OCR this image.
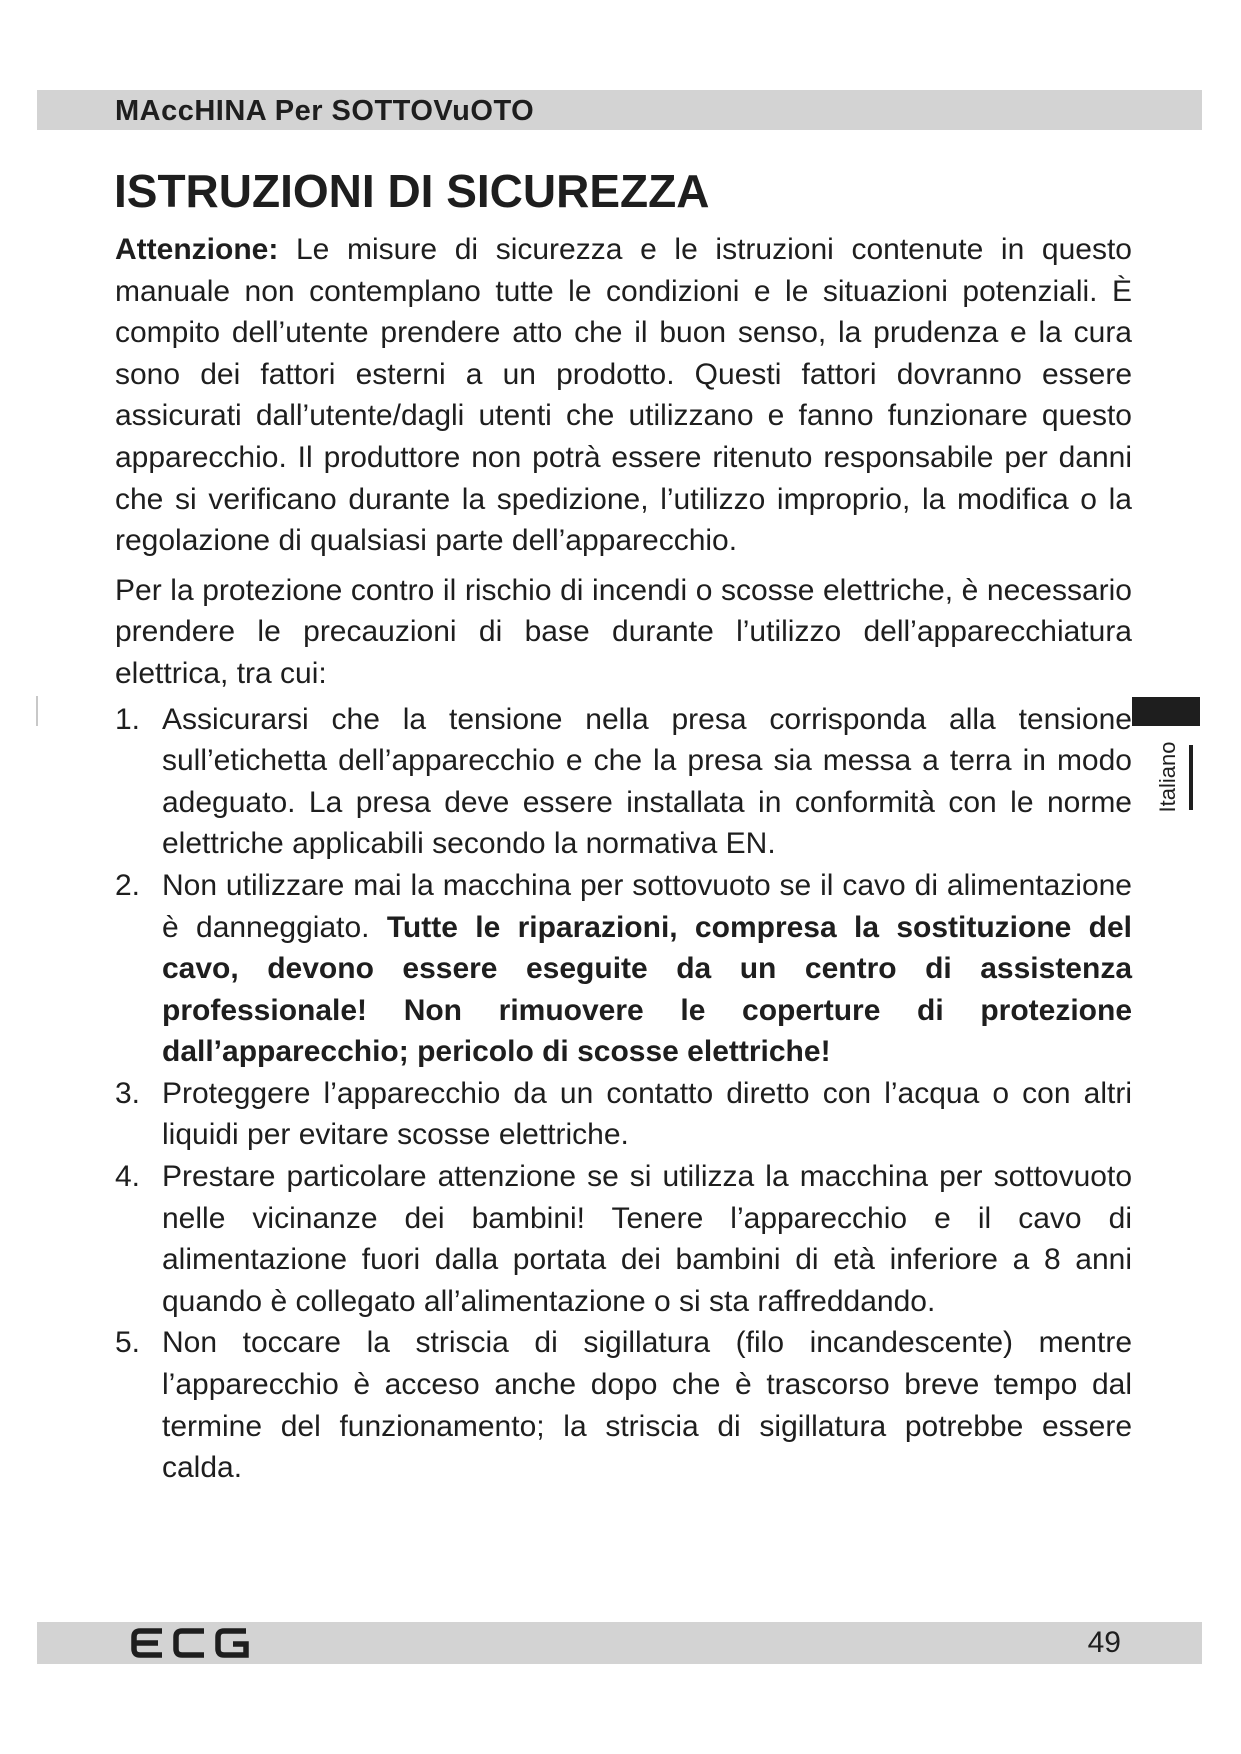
MAccHINA Per SOTTOVuOTO
ISTRUZIONI DI SICUREZZA

Attenzione: Le misure di sicurezza e le istruzioni contenute in questo manuale non contemplano tutte le condizioni e le situazioni potenziali. È compito dell’utente prendere atto che il buon senso, la prudenza e la cura sono dei fattori esterni a un prodotto. Questi fattori dovranno essere assicurati dall’utente/dagli utenti che utilizzano e fanno funzionare questo apparecchio. Il produttore non potrà essere ritenuto responsabile per danni che si verificano durante la spedizione, l’utilizzo improprio, la modifica o la regolazione di qualsiasi parte dell’apparecchio.

Per la protezione contro il rischio di incendi o scosse elettriche, è necessario prendere le precauzioni di base durante l’utilizzo dell’apparecchiatura elettrica, tra cui:

1. Assicurarsi che la tensione nella presa corrisponda alla tensione sull’etichetta dell’apparecchio e che la presa sia messa a terra in modo adeguato. La presa deve essere installata in conformità con le norme elettriche applicabili secondo la normativa EN.
2. Non utilizzare mai la macchina per sottovuoto se il cavo di alimentazione è danneggiato. Tutte le riparazioni, compresa la sostituzione del cavo, devono essere eseguite da un centro di assistenza professionale! Non rimuovere le coperture di protezione dall’apparecchio; pericolo di scosse elettriche!
3. Proteggere l’apparecchio da un contatto diretto con l’acqua o con altri liquidi per evitare scosse elettriche.
4. Prestare particolare attenzione se si utilizza la macchina per sottovuoto nelle vicinanze dei bambini! Tenere l’apparecchio e il cavo di alimentazione fuori dalla portata dei bambini di età inferiore a 8 anni quando è collegato all’alimentazione o si sta raffreddando.
5. Non toccare la striscia di sigillatura (filo incandescente) mentre l’apparecchio è acceso anche dopo che è trascorso breve tempo dal termine del funzionamento; la striscia di sigillatura potrebbe essere calda.
Italiano
49
